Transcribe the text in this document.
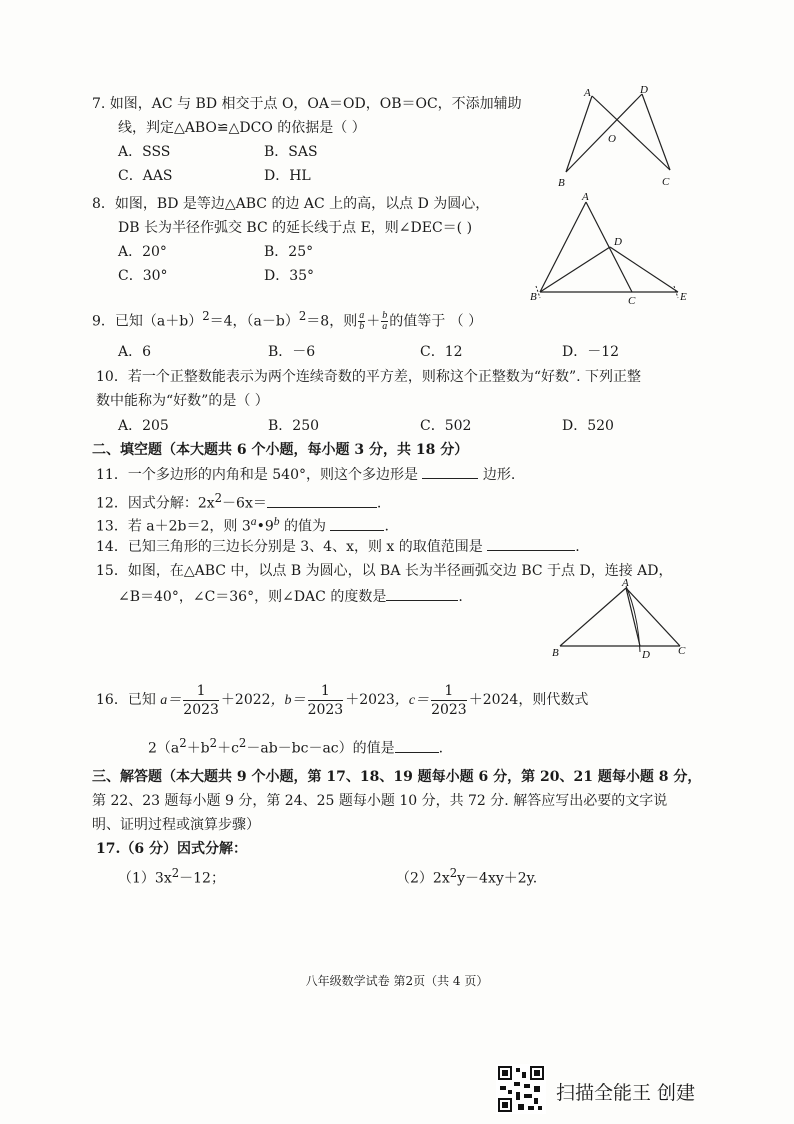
7. 如图，AC 与 BD 相交于点 O，OA＝OD，OB＝OC，不添加辅助
线，判定△ABO≌△DCO 的依据是（ ）
A．SSS	B．SAS
C．AAS	D．HL
A	D
O
B	C
8．如图，BD 是等边△ABC 的边 AC 上的高，以点 D 为圆心，
DB 长为半径作弧交 BC 的延长线于点 E，则∠DEC＝( )
A．20°	B．25°
C．30°	D．35°
A
D
B	C	E
9．已知$(a+b)^2=4$，$(a-b)^2=8$，则 $\frac{a}{b} + \frac{b}{a}$ 的值等于 （ ）
A．6	B．－6	C．12	D．－12
10．若一个正整数能表示为两个连续奇数的平方差，则称这个正整数为“好数”. 下列正整
数中能称为“好数”的是（ ）
A．205	B．250	C．502	D．520
二、填空题（本大题共 6 个小题，每小题 3 分，共 18 分）
11．一个多边形的内角和是 540°，则这个多边形是	边形.
12．因式分解：$2x^2-6x=$	.
13．若 a＋2b＝2，则 3$^a$•9$^b$ 的值为	.
14．已知三角形的三边长分别是 3、4、x，则 x 的取值范围是	.
15．如图，在△ABC 中，以点 B 为圆心，以 BA 长为半径画弧交边 BC 于点 D，连接 AD，
∠B＝40°，∠C＝36°，则∠DAC 的度数是	.
A
B	D	C
16．已知 $a= \frac{1}{2023} +2022$，$b= \frac{1}{2023} +2023$，$c= \frac{1}{2023} +2024$，则代数式
$2(a^2+b^2+c^2-ab-bc-ac)$的值是	.
三、解答题（本大题共 9 个小题，第 17、18、19 题每小题 6 分，第 20、21 题每小题 8 分，
第 22、23 题每小题 9 分，第 24、25 题每小题 10 分，共 72 分. 解答应写出必要的文字说
明、证明过程或演算步骤）
17.（6 分）因式分解：
$(1)3x^2-12$；	$(2)2x^2y-4xy+2y$.
八年级数学试卷 第2页（共 4 页）
扫描全能王 创建
